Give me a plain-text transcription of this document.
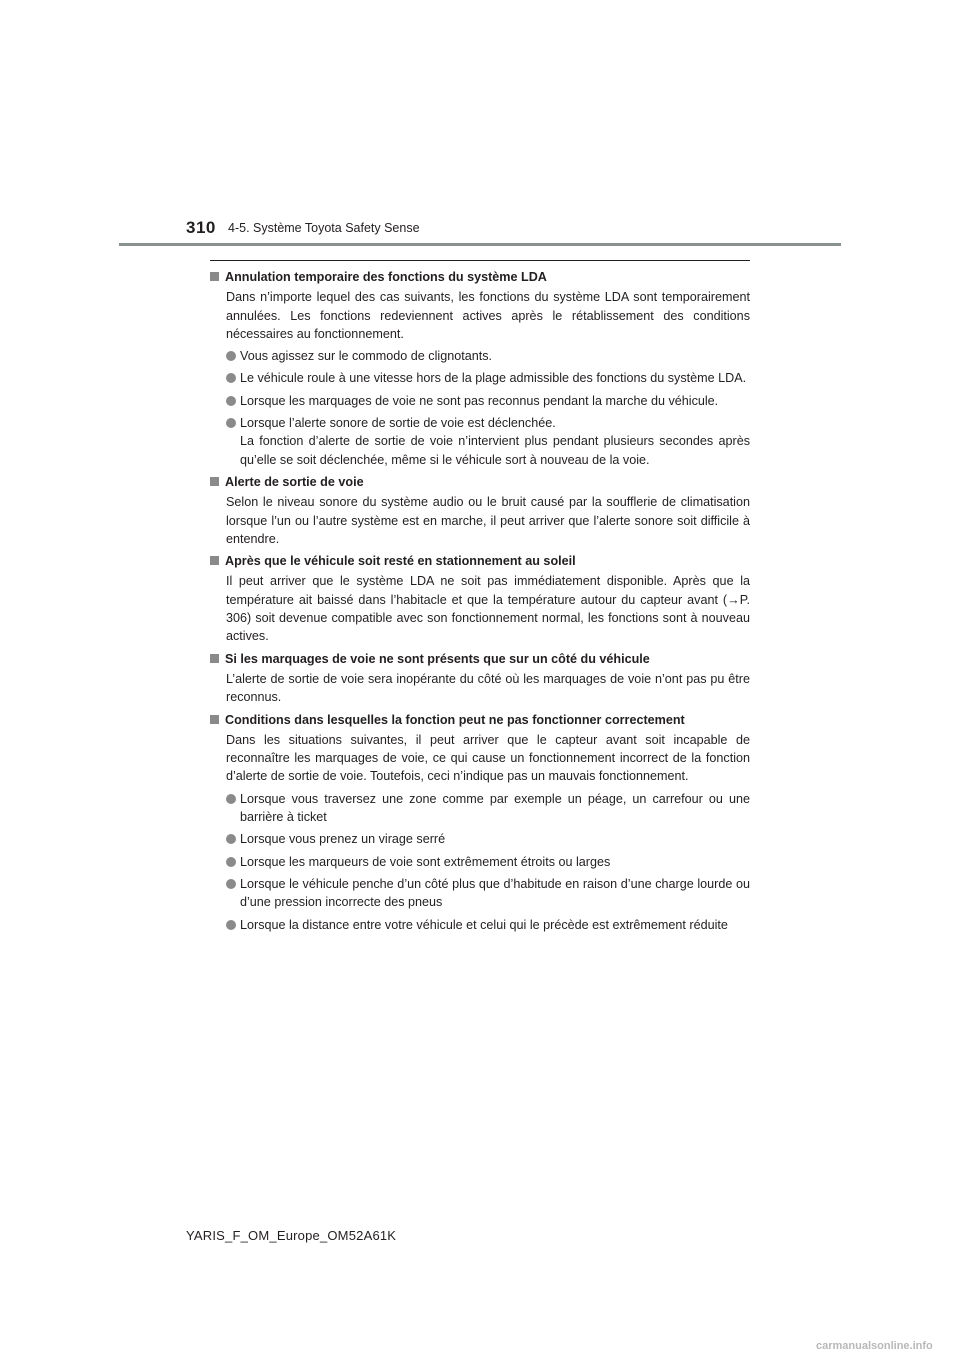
310 4-5. Système Toyota Safety Sense
Annulation temporaire des fonctions du système LDA
Dans n’importe lequel des cas suivants, les fonctions du système LDA sont temporairement annulées. Les fonctions redeviennent actives après le rétablissement des conditions nécessaires au fonctionnement.
Vous agissez sur le commodo de clignotants.
Le véhicule roule à une vitesse hors de la plage admissible des fonctions du système LDA.
Lorsque les marquages de voie ne sont pas reconnus pendant la marche du véhicule.
Lorsque l’alerte sonore de sortie de voie est déclenchée.
La fonction d’alerte de sortie de voie n’intervient plus pendant plusieurs secondes après qu’elle se soit déclenchée, même si le véhicule sort à nouveau de la voie.
Alerte de sortie de voie
Selon le niveau sonore du système audio ou le bruit causé par la soufflerie de climatisation lorsque l’un ou l’autre système est en marche, il peut arriver que l’alerte sonore soit difficile à entendre.
Après que le véhicule soit resté en stationnement au soleil
Il peut arriver que le système LDA ne soit pas immédiatement disponible. Après que la température ait baissé dans l’habitacle et que la température autour du capteur avant (→P. 306) soit devenue compatible avec son fonctionnement normal, les fonctions sont à nouveau actives.
Si les marquages de voie ne sont présents que sur un côté du véhicule
L’alerte de sortie de voie sera inopérante du côté où les marquages de voie n’ont pas pu être reconnus.
Conditions dans lesquelles la fonction peut ne pas fonctionner correctement
Dans les situations suivantes, il peut arriver que le capteur avant soit incapable de reconnaître les marquages de voie, ce qui cause un fonctionnement incorrect de la fonction d’alerte de sortie de voie. Toutefois, ceci n’indique pas un mauvais fonctionnement.
Lorsque vous traversez une zone comme par exemple un péage, un carrefour ou une barrière à ticket
Lorsque vous prenez un virage serré
Lorsque les marqueurs de voie sont extrêmement étroits ou larges
Lorsque le véhicule penche d’un côté plus que d’habitude en raison d’une charge lourde ou d’une pression incorrecte des pneus
Lorsque la distance entre votre véhicule et celui qui le précède est extrêmement réduite
YARIS_F_OM_Europe_OM52A61K
carmanualsonline.info
